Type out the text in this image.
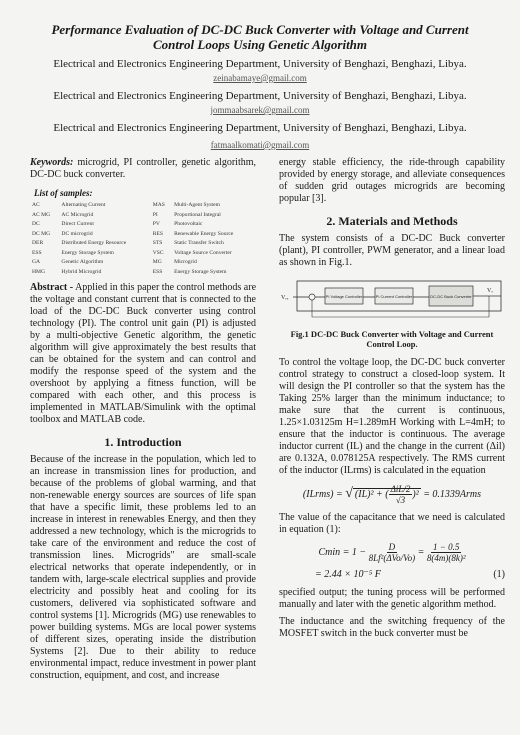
Performance Evaluation of DC-DC Buck Converter with Voltage and Current Control Loops Using Genetic Algorithm
Electrical and Electronics Engineering Department, University of Benghazi, Benghazi, Libya.
zeinabamaye@gmail.com
Electrical and Electronics Engineering Department, University of Benghazi, Benghazi, Libya.
jommaabsarek@gmail.com
Electrical and Electronics Engineering Department, University of Benghazi, Benghazi, Libya.
fatmaalkomati@gmail.com

Keywords: microgrid, PI controller, genetic algorithm, DC-DC buck converter.

List of samples:
AC	Alternating Current	MAS	Multi-Agent System
AC MG	AC Microgrid	PI	Proportional Integral
DC	Direct Current	PV	Photovoltaic
DC MG	DC microgrid	RES	Renewable Energy Source
DER	Distributed Energy Resource	STS	Static Transfer Switch
ESS	Energy Storage System	VSC	Voltage Source Converter
GA	Genetic Algorithm	MG	Microgrid
HMG	Hybrid Microgrid	ESS	Energy Storage System

Abstract - Applied in this paper the control methods are the voltage and constant current that is connected to the load of the DC-DC Buck converter using control technology (PI). The control unit gain (PI) is adjusted by a multi-objective Genetic algorithm, the genetic algorithm will give approximately the best results that can be obtained for the system and can control and modify the response speed of the system and the overshoot by applying a fitness function, will be compared with each other, and this process is implemented in MATLAB/Simulink with the optimal toolbox and MATLAB code.

1. Introduction

Because of the increase in the population, which led to an increase in transmission lines for production, and because of the problems of global warming, and that non-renewable energy sources are sources of life span that have a specific limit, these problems led to an increase in interest in renewables Energy, and then they addressed a new technology, which is the microgrids to take care of the environment and reduce the cost of transmission lines. Microgrids" are small-scale electrical networks that operate independently, or in tandem with, large-scale electrical supplies and provide electricity and possibly heat and cooling for its customers, delivered via sophisticated software and control systems [1]. Microgrids (MG) use renewables to power building systems. MGs are local power systems of different sizes, operating inside the distribution Systems [2]. Due to their ability to reduce environmental impact, reduce investment in power plant construction, equipment, and cost, and increase

energy stable efficiency, the ride-through capability provided by energy storage, and alleviate consequences of sudden grid outages microgrids are becoming popular [3].

2. Materials and Methods

The system consists of a DC-DC Buck converter (plant), PI controller, PWM generator, and a linear load as shown in Fig.1.

Vᵣₑ	PI Voltage Controller	PI Current Controller	DC-DC Buck Converter
Vₒ
Fig.1 DC-DC Buck Converter with Voltage and Current Control Loop.

To control the voltage loop, the DC-DC buck converter control strategy to construct a closed-loop system. It will design the PI controller so that the system has the Taking 25% larger than the minimum inductance; to make sure that the current is continuous, 1.25×1.03125m H=1.289mH Working with L=4mH; to ensure that the inductor is continuous. The average inductor current (IL) and the change in the current (Δil) are 0.132A, 0.078125A respectively. The RMS current of the inductor (ILrms) is calculated in the equation

(ILrms) = √ (IL)² + ( $\frac{\text{ΔiL/2}}{√3} )^2$ = 0.1339Arms

The value of the capacitance that we need is calculated in equation (1):

$Cmin = 1 - \frac{D}{\text{8Lf²(ΔVo/Vo)}} = \frac{1 - 0.5}{\text{8(4m)(8k)²}}$
= 2.44 × 10⁻⁵ F	(1)

specified output; the tuning process will be performed manually and later with the genetic algorithm method.

The inductance and the switching frequency of the MOSFET switch in the buck converter must be
